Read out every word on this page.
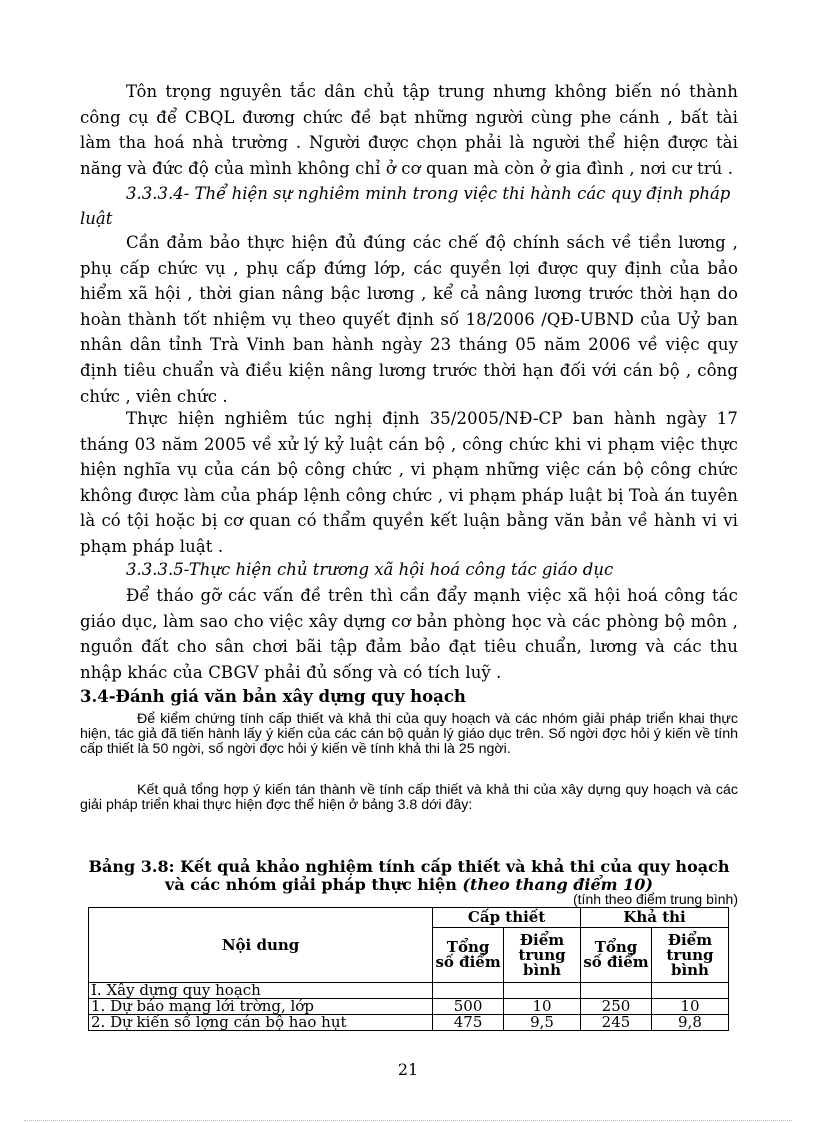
Tôn trọng nguyên tắc dân chủ tập trung nhưng không biến nó thành công cụ để CBQL đương chức đề bạt những người cùng phe cánh , bất tài làm tha hoá nhà trường . Người được chọn phải là người thể hiện được tài năng và đức độ của mình không chỉ ở cơ quan mà còn ở gia đình , nơi cư trú .

3.3.3.4- Thể hiện sự nghiêm minh trong việc thi hành các quy định pháp luật

Cần đảm bảo thực hiện đủ đúng các chế độ chính sách về tiền lương , phụ cấp chức vụ , phụ cấp đứng lớp, các quyền lợi được quy định của bảo hiểm xã hội , thời gian nâng bậc lương , kể cả nâng lương trước thời hạn do hoàn thành tốt nhiệm vụ theo quyết định số 18/2006 /QĐ-UBND của Uỷ ban nhân dân tỉnh Trà Vinh ban hành ngày 23 tháng 05 năm 2006 về việc quy định tiêu chuẩn và điều kiện nâng lương trước thời hạn đối với cán bộ , công chức , viên chức .

Thực hiện nghiêm túc nghị định 35/2005/NĐ-CP ban hành ngày 17 tháng 03 năm 2005 về xử lý kỷ luật cán bộ , công chức khi vi phạm việc thực hiện nghĩa vụ của cán bộ công chức , vi phạm những việc cán bộ công chức không được làm của pháp lệnh công chức , vi phạm pháp luật bị Toà án tuyên là có tội hoặc bị cơ quan có thẩm quyền kết luận bằng văn bản về hành vi vi phạm pháp luật .

3.3.3.5-Thực hiện chủ trương xã hội hoá công tác giáo dục

Để tháo gỡ các vấn đề trên thì cần đẩy mạnh việc xã hội hoá công tác giáo dục, làm sao cho việc xây dựng cơ bản phòng học và các phòng bộ môn , nguồn đất cho sân chơi bãi tập đảm bảo đạt tiêu chuẩn, lương và các thu nhập khác của CBGV phải đủ sống và có tích luỹ .

3.4-Đánh giá văn bản xây dựng quy hoạch

Để kiểm chứng tính cấp thiết và khả thi của quy hoạch và các nhóm giải pháp triển khai thực hiện, tác giả đã tiến hành lấy ý kiến của các cán bộ quản lý giáo dục trên. Số ngời đợc hỏi ý kiến về tính cấp thiết là 50 ngời, số ngời đợc hỏi ý kiến về tính khả thi là 25 ngời.

Kết quả tổng hợp ý kiến tán thành về tính cấp thiết và khả thi của xây dựng quy hoạch và các giải pháp triển khai thực hiện đợc thể hiện ở bảng 3.8 dới đây:

Bảng 3.8: Kết quả khảo nghiệm tính cấp thiết và khả thi của quy hoạch và các nhóm giải pháp thực hiện (theo thang điểm 10)

(tính theo điểm trung bình)

Nội dung	Cấp thiết		Khả thi	
	Tổng số điểm	Điểm trung bình	Tổng số điểm	Điểm trung bình
I. Xây dựng quy hoạch				
1. Dự báo mạng lới trờng, lớp	500	10	250	10
2. Dự kiến số lợng cán bộ hao hụt	475	9,5	245	9,8
21
